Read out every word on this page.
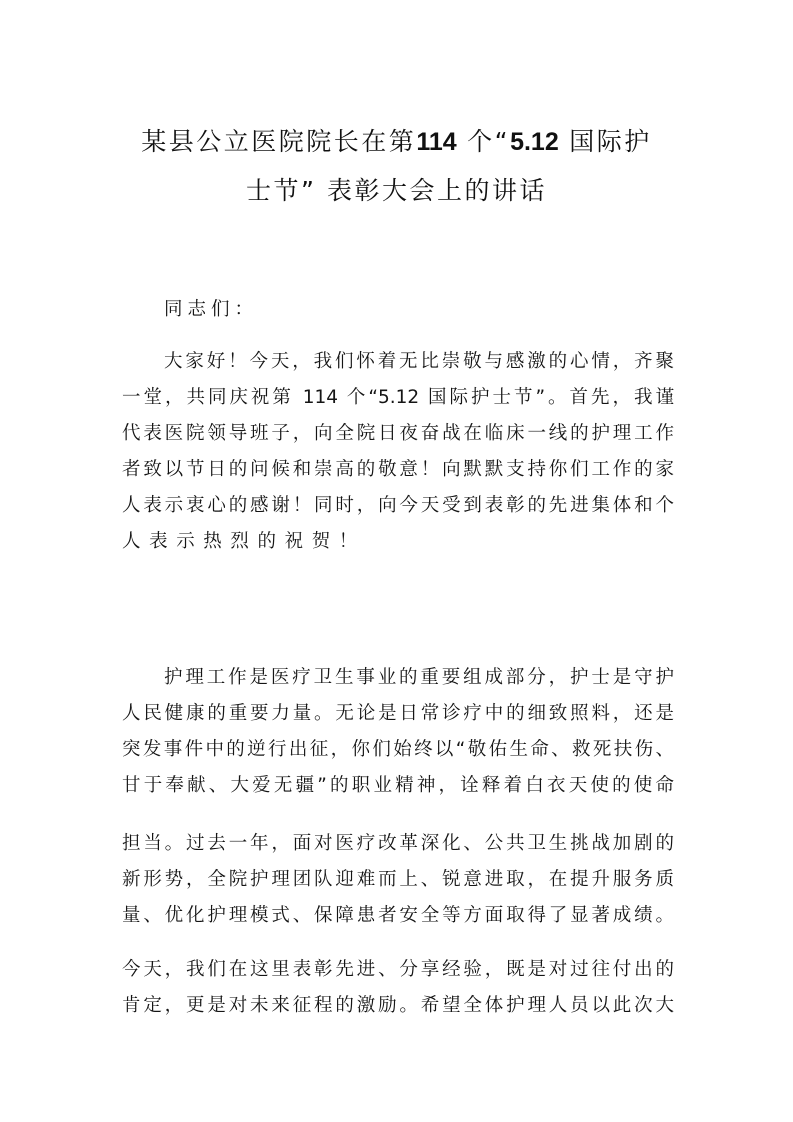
某县公立医院院长在第114 个“5.12 国际护
士节” 表彰大会上的讲话
同志们：
大家好！今天，我们怀着无比崇敬与感激的心情，齐聚
一堂，共同庆祝第 114 个“5.12 国际护士节”。首先，我谨
代表医院领导班子，向全院日夜奋战在临床一线的护理工作
者致以节日的问候和崇高的敬意！向默默支持你们工作的家
人表示衷心的感谢！同时，向今天受到表彰的先进集体和个
人表示热烈的祝贺！
护理工作是医疗卫生事业的重要组成部分，护士是守护
人民健康的重要力量。无论是日常诊疗中的细致照料，还是
突发事件中的逆行出征，你们始终以“敬佑生命、救死扶伤、
甘于奉献、大爱无疆”的职业精神，诠释着白衣天使的使命
担当。过去一年，面对医疗改革深化、公共卫生挑战加剧的
新形势，全院护理团队迎难而上、锐意进取，在提升服务质
量、优化护理模式、保障患者安全等方面取得了显著成绩。
今天，我们在这里表彰先进、分享经验，既是对过往付出的
肯定，更是对未来征程的激励。希望全体护理人员以此次大
